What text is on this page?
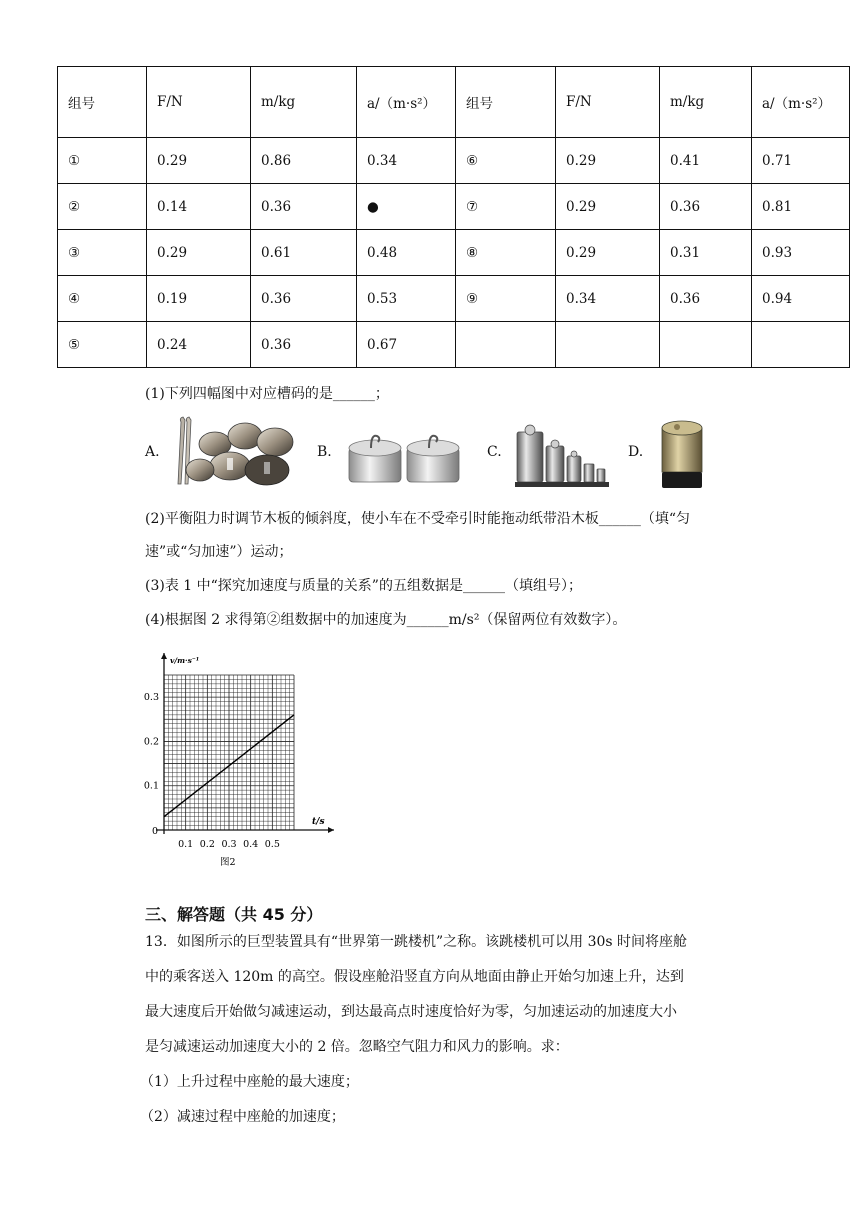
组号	F/N	m/kg	a/（m·s²）	组号	F/N	m/kg	a/（m·s²）
①	0.29	0.86	0.34	⑥	0.29	0.41	0.71
②	0.14	0.36	●	⑦	0.29	0.36	0.81
③	0.29	0.61	0.48	⑧	0.29	0.31	0.93
④	0.19	0.36	0.53	⑨	0.34	0.36	0.94
⑤	0.24	0.36	0.67				
(1)下列四幅图中对应槽码的是______；
A.	B.	C.	D.
(2)平衡阻力时调节木板的倾斜度，使小车在不受牵引时能拖动纸带沿木板______（填“匀
速”或“匀加速”）运动；
(3)表 1 中“探究加速度与质量的关系”的五组数据是______（填组号）；
(4)根据图 2 求得第②组数据中的加速度为______m/s²（保留两位有效数字）。
0.1 0.2 0.3 0.4 0.5
0.1
0.2
0.3
v/m·s⁻¹
t/s
0
图2
三、解答题（共 45 分）
13．如图所示的巨型装置具有“世界第一跳楼机”之称。该跳楼机可以用 30s 时间将座舱
中的乘客送入 120m 的高空。假设座舱沿竖直方向从地面由静止开始匀加速上升，达到
最大速度后开始做匀减速运动，到达最高点时速度恰好为零，匀加速运动的加速度大小
是匀减速运动加速度大小的 2 倍。忽略空气阻力和风力的影响。求：
（1）上升过程中座舱的最大速度；
（2）减速过程中座舱的加速度；
